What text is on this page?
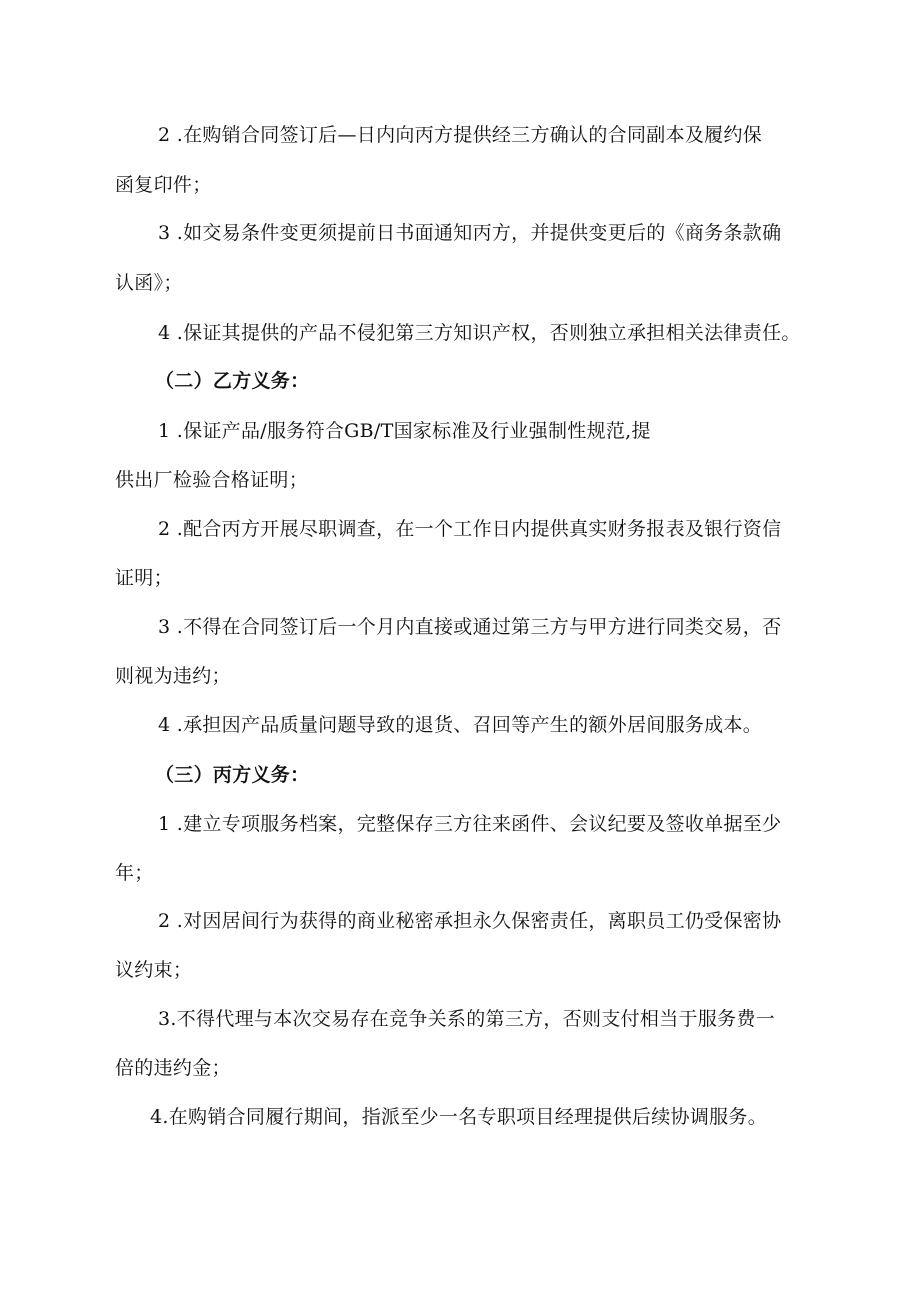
2 .在购销合同签订后—日内向丙方提供经三方确认的合同副本及履约保
函复印件；
3 .如交易条件变更须提前日书面通知丙方，并提供变更后的《商务条款确
认函》；
4 .保证其提供的产品不侵犯第三方知识产权，否则独立承担相关法律责任。
（二）乙方义务：
1 .保证产品/服务符合GB/T国家标准及行业强制性规范,提
供出厂检验合格证明；
2 .配合丙方开展尽职调查，在一个工作日内提供真实财务报表及银行资信
证明；
3 .不得在合同签订后一个月内直接或通过第三方与甲方进行同类交易，否
则视为违约；
4 .承担因产品质量问题导致的退货、召回等产生的额外居间服务成本。
（三）丙方义务：
1 .建立专项服务档案，完整保存三方往来函件、会议纪要及签收单据至少
年；
2 .对因居间行为获得的商业秘密承担永久保密责任，离职员工仍受保密协
议约束；
3.不得代理与本次交易存在竞争关系的第三方，否则支付相当于服务费一
倍的违约金；
4.在购销合同履行期间，指派至少一名专职项目经理提供后续协调服务。
